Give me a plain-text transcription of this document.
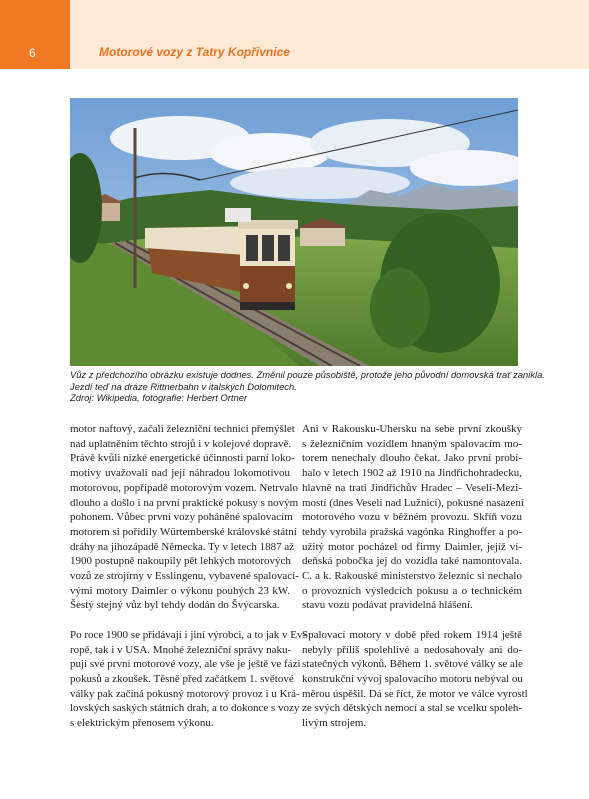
6	Motorové vozy z Tatry Kopřivnice
Vůz z předchozího obrázku existuje dodnes. Změnil pouze působiště, protože jeho původní domovská trať zanikla.
Jezdí teď na dráze Rittnerbahn v italských Dolomitech.
Zdroj: Wikipedia, fotografie: Herbert Ortner

motor naftový, začali železniční technici přemýšlet
nad uplatněním těchto strojů i v kolejové dopravě.
Právě kvůli nízké energetické účinnosti parní loko-
motivy uvažovali nad její náhradou lokomotivou
motorovou, popřípadě motorovým vozem. Netrvalo
dlouho a došlo i na první praktické pokusy s novým
pohonem. Vůbec první vozy poháněné spalovacím
motorem si pořídily Würtemberské královské státní
dráhy na jihozápadě Německa. Ty v letech 1887 až
1900 postupně nakoupily pět lehkých motorových
vozů ze strojírny v Esslingenu, vybavené spalovací-
vými motory Daimler o výkonu pouhých 23 kW.
Šestý stejný vůz byl tehdy dodán do Švýcarska.

Po roce 1900 se přidávají i jiní výrobci, a to jak v Ev-
ropě, tak i v USA. Mnohé železniční správy naku-
pují své první motorové vozy, ale vše je ještě ve fázi
pokusů a zkoušek. Těsně před začátkem 1. světové
války pak začíná pokusný motorový provoz i u Krá-
lovských saských státních drah, a to dokonce s vozy
s elektrickým přenosem výkonu.

Ani v Rakousku-Uhersku na sebe první zkoušky
s železničním vozidlem hnaným spalovacím mo-
torem nenechaly dlouho čekat. Jako první probí-
halo v letech 1902 až 1910 na Jindřichohradecku,
hlavně na trati Jindřichův Hradec – Veselí-Mezi-
mostí (dnes Veselí nad Lužnicí), pokusné nasazení
motorového vozu v běžném provozu. Skříň vozu
tehdy vyrobila pražská vagónka Ringhoffer a po-
užitý motor pocházel od firmy Daimler, jejíž ví-
deňská pobočka jej do vozidla také namontovala.
C. a k. Rakouské ministerstvo železnic si nechalo
o provozních výsledcích pokusu a o technickém
stavu vozu podávat pravidelná hlášení.

Spalovací motory v době před rokem 1914 ještě
nebyly příliš spolehlivé a nedosahovaly ani do-
statečných výkonů. Během 1. světové války se ale
konstrukční vývoj spalovacího motoru nebýval ou
měrou úspěšil. Dá se říct, že motor ve válce vyrostl
ze svých dětských nemocí a stal se vcelku spoleh-
livým strojem.
